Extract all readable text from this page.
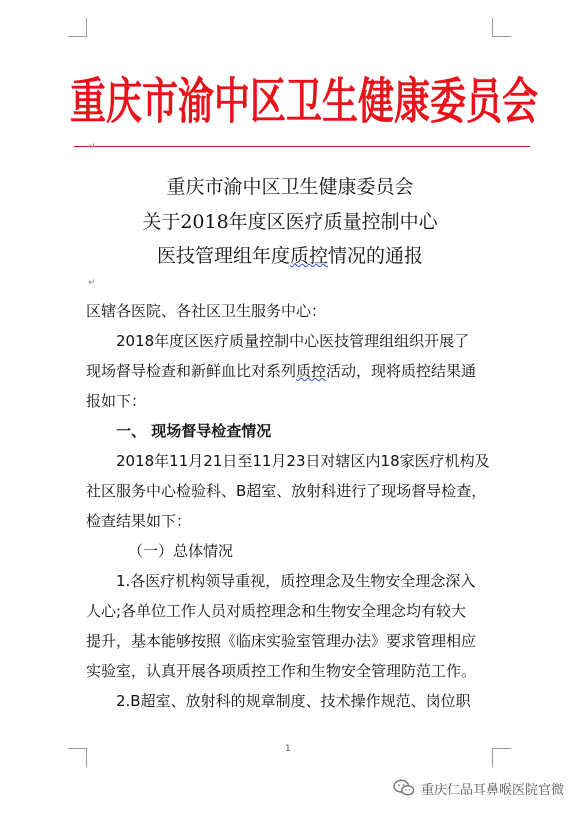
重庆市渝中区卫生健康委员会
↵
重庆市渝中区卫生健康委员会
关于2018年度区医疗质量控制中心
医技管理组年度质控情况的通报
↵

区辖各医院、各社区卫生服务中心：

2018年度区医疗质量控制中心医技管理组组织开展了

现场督导检查和新鲜血比对系列质控活动，现将质控结果通

报如下：

一、 现场督导检查情况

2018年11月21日至11月23日对辖区内18家医疗机构及

社区服务中心检验科、B超室、放射科进行了现场督导检查，

检查结果如下：

（一）总体情况

1.各医疗机构领导重视，质控理念及生物安全理念深入

人心;各单位工作人员对质控理念和生物安全理念均有较大

提升，基本能够按照《临床实验室管理办法》要求管理相应

实验室，认真开展各项质控工作和生物安全管理防范工作。

2.B超室、放射科的规章制度、技术操作规范、岗位职

1
重庆仁品耳鼻喉医院官微
